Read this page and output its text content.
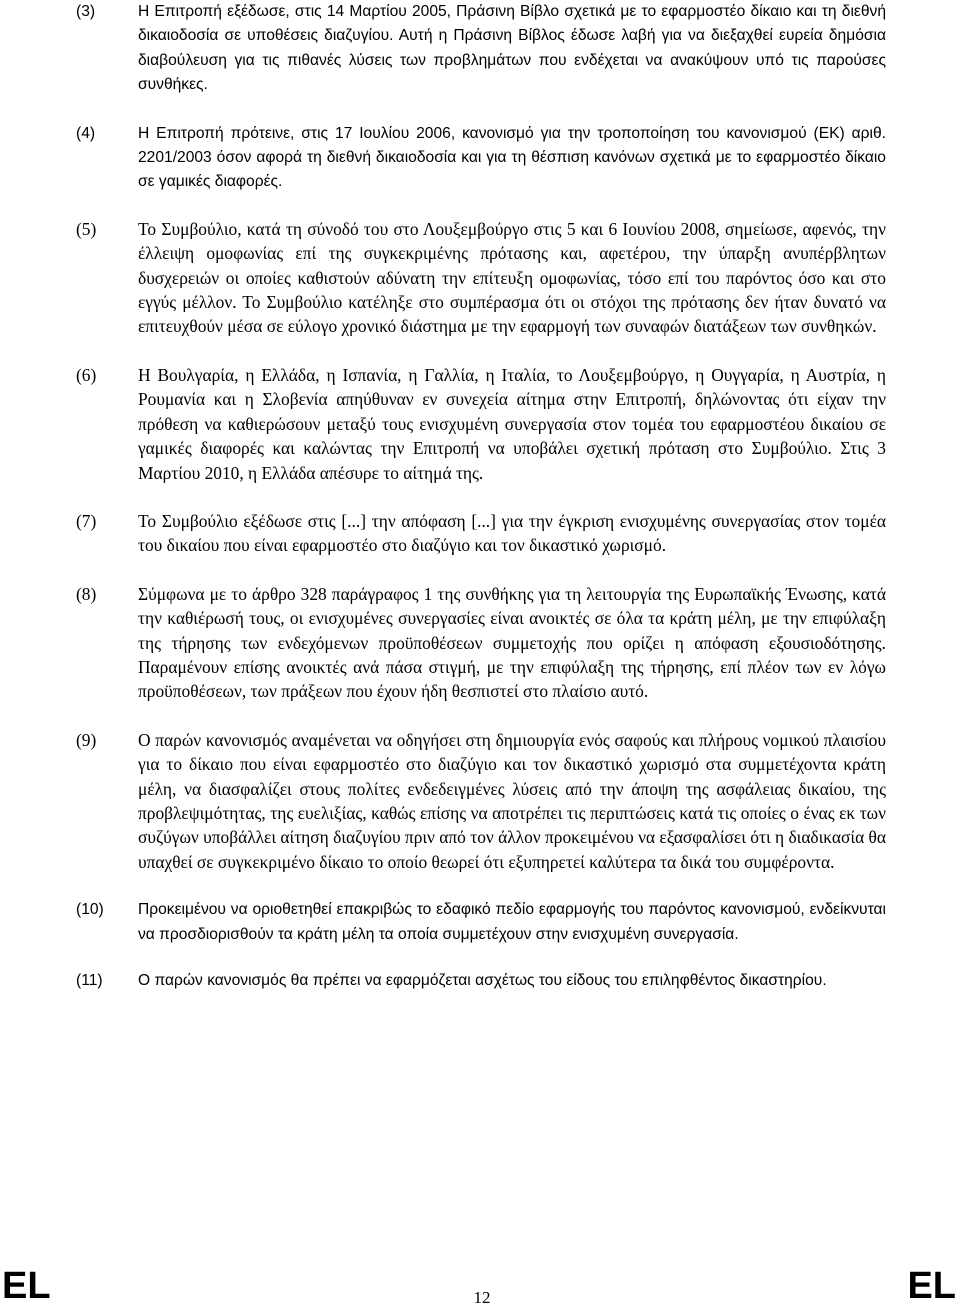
(3)	Η Επιτροπή εξέδωσε, στις 14 Μαρτίου 2005, Πράσινη Βίβλο σχετικά με το εφαρμοστέο δίκαιο και τη διεθνή δικαιοδοσία σε υποθέσεις διαζυγίου. Αυτή η Πράσινη Βίβλος έδωσε λαβή για να διεξαχθεί ευρεία δημόσια διαβούλευση για τις πιθανές λύσεις των προβλημάτων που ενδέχεται να ανακύψουν υπό τις παρούσες συνθήκες.
(4)	Η Επιτροπή πρότεινε, στις 17 Ιουλίου 2006, κανονισμό για την τροποποίηση του κανονισμού (ΕΚ) αριθ. 2201/2003 όσον αφορά τη διεθνή δικαιοδοσία και για τη θέσπιση κανόνων σχετικά με το εφαρμοστέο δίκαιο σε γαμικές διαφορές.
(5)	Το Συμβούλιο, κατά τη σύνοδό του στο Λουξεμβούργο στις 5 και 6 Ιουνίου 2008, σημείωσε, αφενός, την έλλειψη ομοφωνίας επί της συγκεκριμένης πρότασης και, αφετέρου, την ύπαρξη ανυπέρβλητων δυσχερειών οι οποίες καθιστούν αδύνατη την επίτευξη ομοφωνίας, τόσο επί του παρόντος όσο και στο εγγύς μέλλον. Το Συμβούλιο κατέληξε στο συμπέρασμα ότι οι στόχοι της πρότασης δεν ήταν δυνατό να επιτευχθούν μέσα σε εύλογο χρονικό διάστημα με την εφαρμογή των συναφών διατάξεων των συνθηκών.
(6)	Η Βουλγαρία, η Ελλάδα, η Ισπανία, η Γαλλία, η Ιταλία, το Λουξεμβούργο, η Ουγγαρία, η Αυστρία, η Ρουμανία και η Σλοβενία απηύθυναν εν συνεχεία αίτημα στην Επιτροπή, δηλώνοντας ότι είχαν την πρόθεση να καθιερώσουν μεταξύ τους ενισχυμένη συνεργασία στον τομέα του εφαρμοστέου δικαίου σε γαμικές διαφορές και καλώντας την Επιτροπή να υποβάλει σχετική πρόταση στο Συμβούλιο. Στις 3 Μαρτίου 2010, η Ελλάδα απέσυρε το αίτημά της.
(7)	Το Συμβούλιο εξέδωσε στις [...] την απόφαση [...] για την έγκριση ενισχυμένης συνεργασίας στον τομέα του δικαίου που είναι εφαρμοστέο στο διαζύγιο και τον δικαστικό χωρισμό.
(8)	Σύμφωνα με το άρθρο 328 παράγραφος 1 της συνθήκης για τη λειτουργία της Ευρωπαϊκής Ένωσης, κατά την καθιέρωσή τους, οι ενισχυμένες συνεργασίες είναι ανοικτές σε όλα τα κράτη μέλη, με την επιφύλαξη της τήρησης των ενδεχόμενων προϋποθέσεων συμμετοχής που ορίζει η απόφαση εξουσιοδότησης. Παραμένουν επίσης ανοικτές ανά πάσα στιγμή, με την επιφύλαξη της τήρησης, επί πλέον των εν λόγω προϋποθέσεων, των πράξεων που έχουν ήδη θεσπιστεί στο πλαίσιο αυτό.
(9)	Ο παρών κανονισμός αναμένεται να οδηγήσει στη δημιουργία ενός σαφούς και πλήρους νομικού πλαισίου για το δίκαιο που είναι εφαρμοστέο στο διαζύγιο και τον δικαστικό χωρισμό στα συμμετέχοντα κράτη μέλη, να διασφαλίζει στους πολίτες ενδεδειγμένες λύσεις από την άποψη της ασφάλειας δικαίου, της προβλεψιμότητας, της ευελιξίας, καθώς επίσης να αποτρέπει τις περιπτώσεις κατά τις οποίες ο ένας εκ των συζύγων υποβάλλει αίτηση διαζυγίου πριν από τον άλλον προκειμένου να εξασφαλίσει ότι η διαδικασία θα υπαχθεί σε συγκεκριμένο δίκαιο το οποίο θεωρεί ότι εξυπηρετεί καλύτερα τα δικά του συμφέροντα.
(10)	Προκειμένου να οριοθετηθεί επακριβώς το εδαφικό πεδίο εφαρμογής του παρόντος κανονισμού, ενδείκνυται να προσδιορισθούν τα κράτη μέλη τα οποία συμμετέχουν στην ενισχυμένη συνεργασία.
(11)	Ο παρών κανονισμός θα πρέπει να εφαρμόζεται ασχέτως του είδους του επιληφθέντος δικαστηρίου.
EL	12	EL
